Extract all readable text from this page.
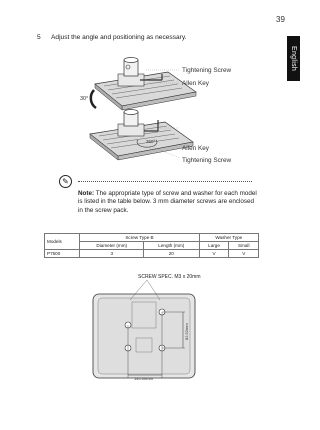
39
English
5 Adjust the angle and positioning as necessary.
Tightening Screw
Allen Key
30°
Allen Key
Tightening Screw
360°
✎
Note: The appropriate type of screw and washer for each model is listed in the table below. 3 mm diameter screws are enclosed in the screw pack.
Models	Screw Type B		Washer Type	
	Diameter (mm)	Length (mm)	Large	Small
P7500	3	20	V	V
SCREW SPEC. M3 x 20mm
140.00mm
82.52mm
